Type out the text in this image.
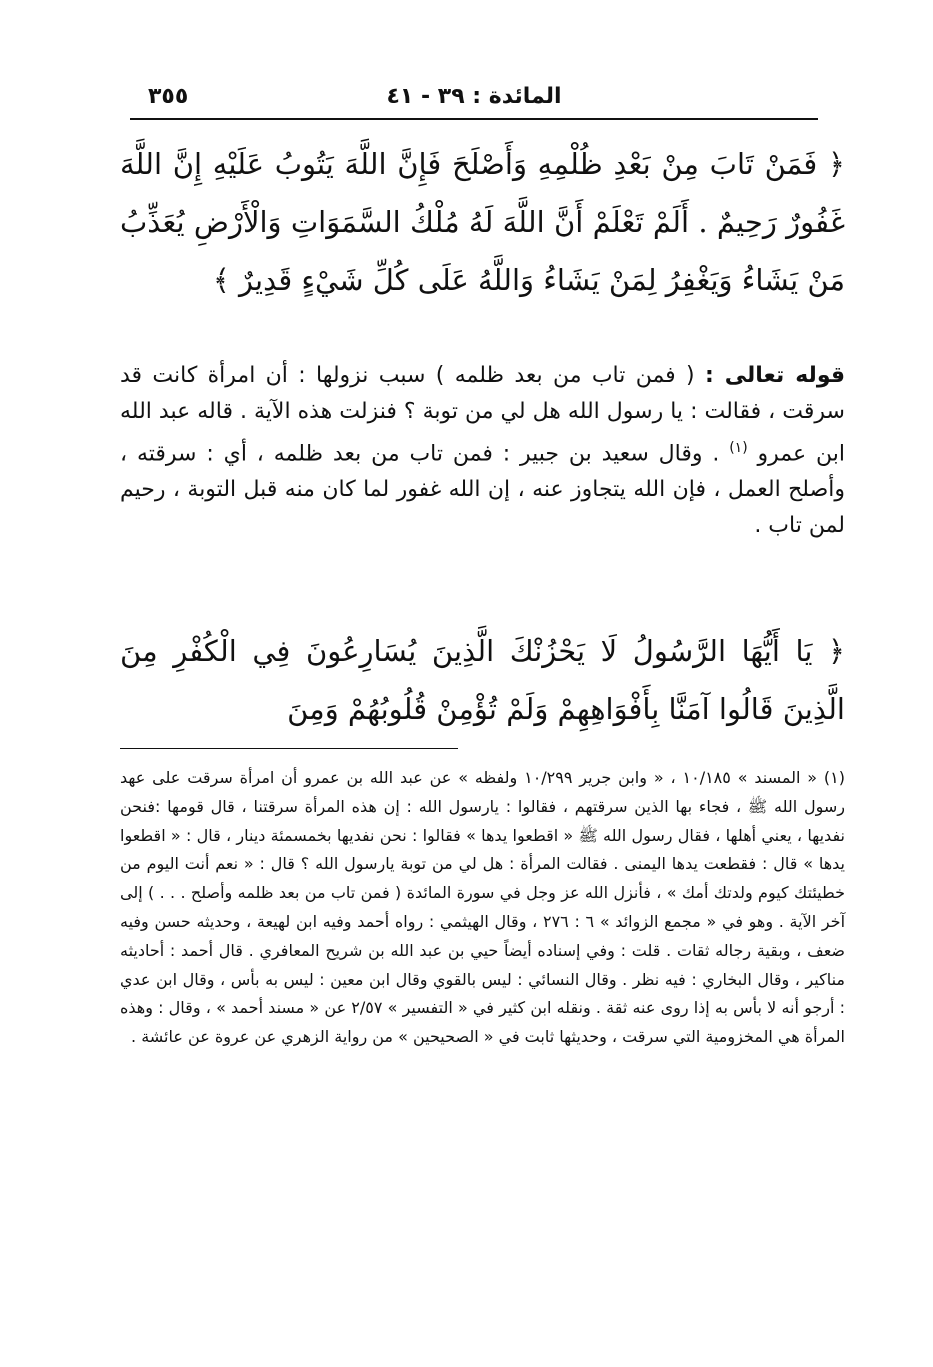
المائدة : ٣٩ - ٤١
٣٥٥
﴿ فَمَنْ تَابَ مِنْ بَعْدِ ظُلْمِهِ وَأَصْلَحَ فَإِنَّ اللَّهَ يَتُوبُ عَلَيْهِ إِنَّ اللَّهَ غَفُورٌ رَحِيمٌ . أَلَمْ تَعْلَمْ أَنَّ اللَّهَ لَهُ مُلْكُ السَّمَوَاتِ وَالْأَرْضِ يُعَذِّبُ مَنْ يَشَاءُ وَيَغْفِرُ لِمَنْ يَشَاءُ وَاللَّهُ عَلَى كُلِّ شَيْءٍ قَدِيرٌ ﴾
قوله تعالى : ( فمن تاب من بعد ظلمه ) سبب نزولها : أن امرأة كانت قد سرقت ، فقالت : يا رسول الله هل لي من توبة ؟ فنزلت هذه الآية . قاله عبد الله ابن عمرو $^{(١)}$ . وقال سعيد بن جبير : فمن تاب من بعد ظلمه ، أي : سرقته ، وأصلح العمل ، فإن الله يتجاوز عنه ، إن الله غفور لما كان منه قبل التوبة ، رحيم لمن تاب .
﴿ يَا أَيُّهَا الرَّسُولُ لَا يَحْزُنْكَ الَّذِينَ يُسَارِعُونَ فِي الْكُفْرِ مِنَ الَّذِينَ قَالُوا آمَنَّا بِأَفْوَاهِهِمْ وَلَمْ تُؤْمِنْ قُلُوبُهُمْ وَمِنَ
(١) « المسند » ١٠/١٨٥ ، « وابن جرير ١٠/٢٩٩ ولفظه » عن عبد الله بن عمرو أن امرأة سرقت على عهد رسول الله ﷺ ، فجاء بها الذين سرقتهم ، فقالوا : يارسول الله : إن هذه المرأة سرقتنا ، قال قومها :فنحن نفديها ، يعني أهلها ، فقال رسول الله ﷺ « اقطعوا يدها » فقالوا : نحن نفديها بخمسمئة دينار ، قال : « اقطعوا يدها » قال : فقطعت يدها اليمنى . فقالت المرأة : هل لي من توبة يارسول الله ؟ قال : « نعم أنت اليوم من خطيئتك كيوم ولدتك أمك » ، فأنزل الله عز وجل في سورة المائدة ( فمن تاب من بعد ظلمه وأصلح . . . ) إلى آخر الآية . وهو في « مجمع الزوائد » ٦ : ٢٧٦ ، وقال الهيثمي : رواه أحمد وفيه ابن لهيعة ، وحديثه حسن وفيه ضعف ، وبقية رجاله ثقات . قلت : وفي إسناده أيضاً حيي بن عبد الله بن شريح المعافري . قال أحمد : أحاديثه مناكير ، وقال البخاري : فيه نظر . وقال النسائي : ليس بالقوي وقال ابن معين : ليس به بأس ، وقال ابن عدي : أرجو أنه لا بأس به إذا روى عنه ثقة . ونقله ابن كثير في « التفسير » ٢/٥٧ عن « مسند أحمد » ، وقال : وهذه المرأة هي المخزومية التي سرقت ، وحديثها ثابت في « الصحيحين » من رواية الزهري عن عروة عن عائشة .
